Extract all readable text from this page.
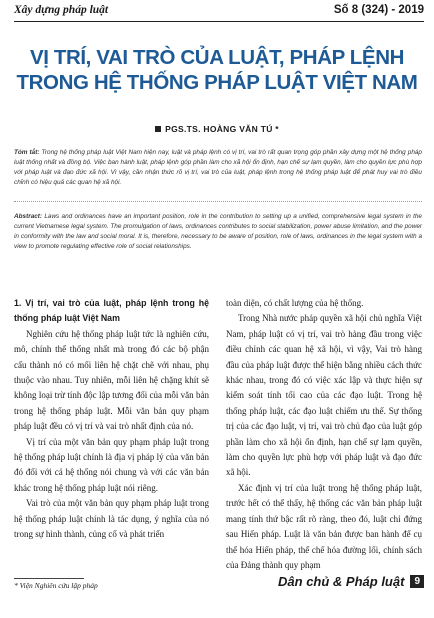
Xây dựng pháp luật	Số 8 (324) - 2019
VỊ TRÍ, VAI TRÒ CỦA LUẬT, PHÁP LỆNH
TRONG HỆ THỐNG PHÁP LUẬT VIỆT NAM
PGS.TS. HOÀNG VĂN TÚ *
Tóm tắt: Trong hệ thống pháp luật Việt Nam hiện nay, luật và pháp lệnh có vị trí, vai trò rất quan trọng góp phần xây dựng một hệ thống pháp luật thống nhất và đồng bộ. Việc ban hành luật, pháp lệnh góp phần làm cho xã hội ổn định, hạn chế sự lạm quyền, làm cho quyền lực phù hợp với pháp luật và đạo đức xã hội. Vì vậy, cần nhận thức rõ vị trí, vai trò của luật, pháp lệnh trong hệ thống pháp luật để phát huy vai trò điều chỉnh có hiệu quả các quan hệ xã hội.
Abstract: Laws and ordinances have an important position, role in the contribution to setting up a unified, comprehensive legal system in the current Vietnamese legal system. The promulgation of laws, ordinances contributes to social stabilization, power abuse limitation, and the power in conformity with the law and social moral. It is, therefore, necessary to be aware of position, role of laws, ordinances in the legal system with a view to promote regulating effective role of social relationships.

1. Vị trí, vai trò của luật, pháp lệnh trong hệ thống pháp luật Việt Nam

Nghiên cứu hệ thống pháp luật tức là nghiên cứu, mô, chính thể thống nhất mà trong đó các bộ phận cấu thành nó có mối liên hệ chặt chẽ với nhau, phụ thuộc vào nhau. Tuy nhiên, mỗi liên hệ chặng khít sẽ không loại trừ tính độc lập tương đối của mỗi văn bản trong hệ thống pháp luật. Mỗi văn bản quy phạm pháp luật đều có vị trí và vai trò nhất định của nó.

Vị trí của một văn bản quy phạm pháp luật trong hệ thống pháp luật chính là địa vị pháp lý của văn bản đó đối với cả hệ thống nói chung và với các văn bản khác trong hệ thống pháp luật nói riêng.

Vai trò của một văn bản quy phạm pháp luật trong hệ thống pháp luật chính là tác dụng, ý nghĩa của nó trong sự hình thành, củng cố và phát triển

toàn diện, có chất lượng của hệ thống.

Trong Nhà nước pháp quyền xã hội chủ nghĩa Việt Nam, pháp luật có vị trí, vai trò hàng đầu trong việc điều chỉnh các quan hệ xã hội, vì vậy, Vai trò hàng đầu của pháp luật được thể hiện bằng nhiều cách thức khác nhau, trong đó có việc xác lập và thực hiện sự kiểm soát tính tối cao của các đạo luật. Trong hệ thống pháp luật, các đạo luật chiếm ưu thế. Sự thống trị của các đạo luật, vị trí, vai trò chủ đạo của luật góp phần làm cho xã hội ổn định, hạn chế sự lạm quyền, làm cho quyền lực phù hợp với pháp luật và đạo đức xã hội.

Xác định vị trí của luật trong hệ thống pháp luật, trước hết có thể thấy, hệ thống các văn bản pháp luật mang tính thứ bậc rất rõ ràng, theo đó, luật chỉ đứng sau Hiến pháp. Luật là văn bản được ban hành để cụ thể hóa Hiến pháp, thể chế hóa đường lối, chính sách của Đảng thành quy phạm

* Viện Nghiên cứu lập pháp	Dân chủ & Pháp luật 9
